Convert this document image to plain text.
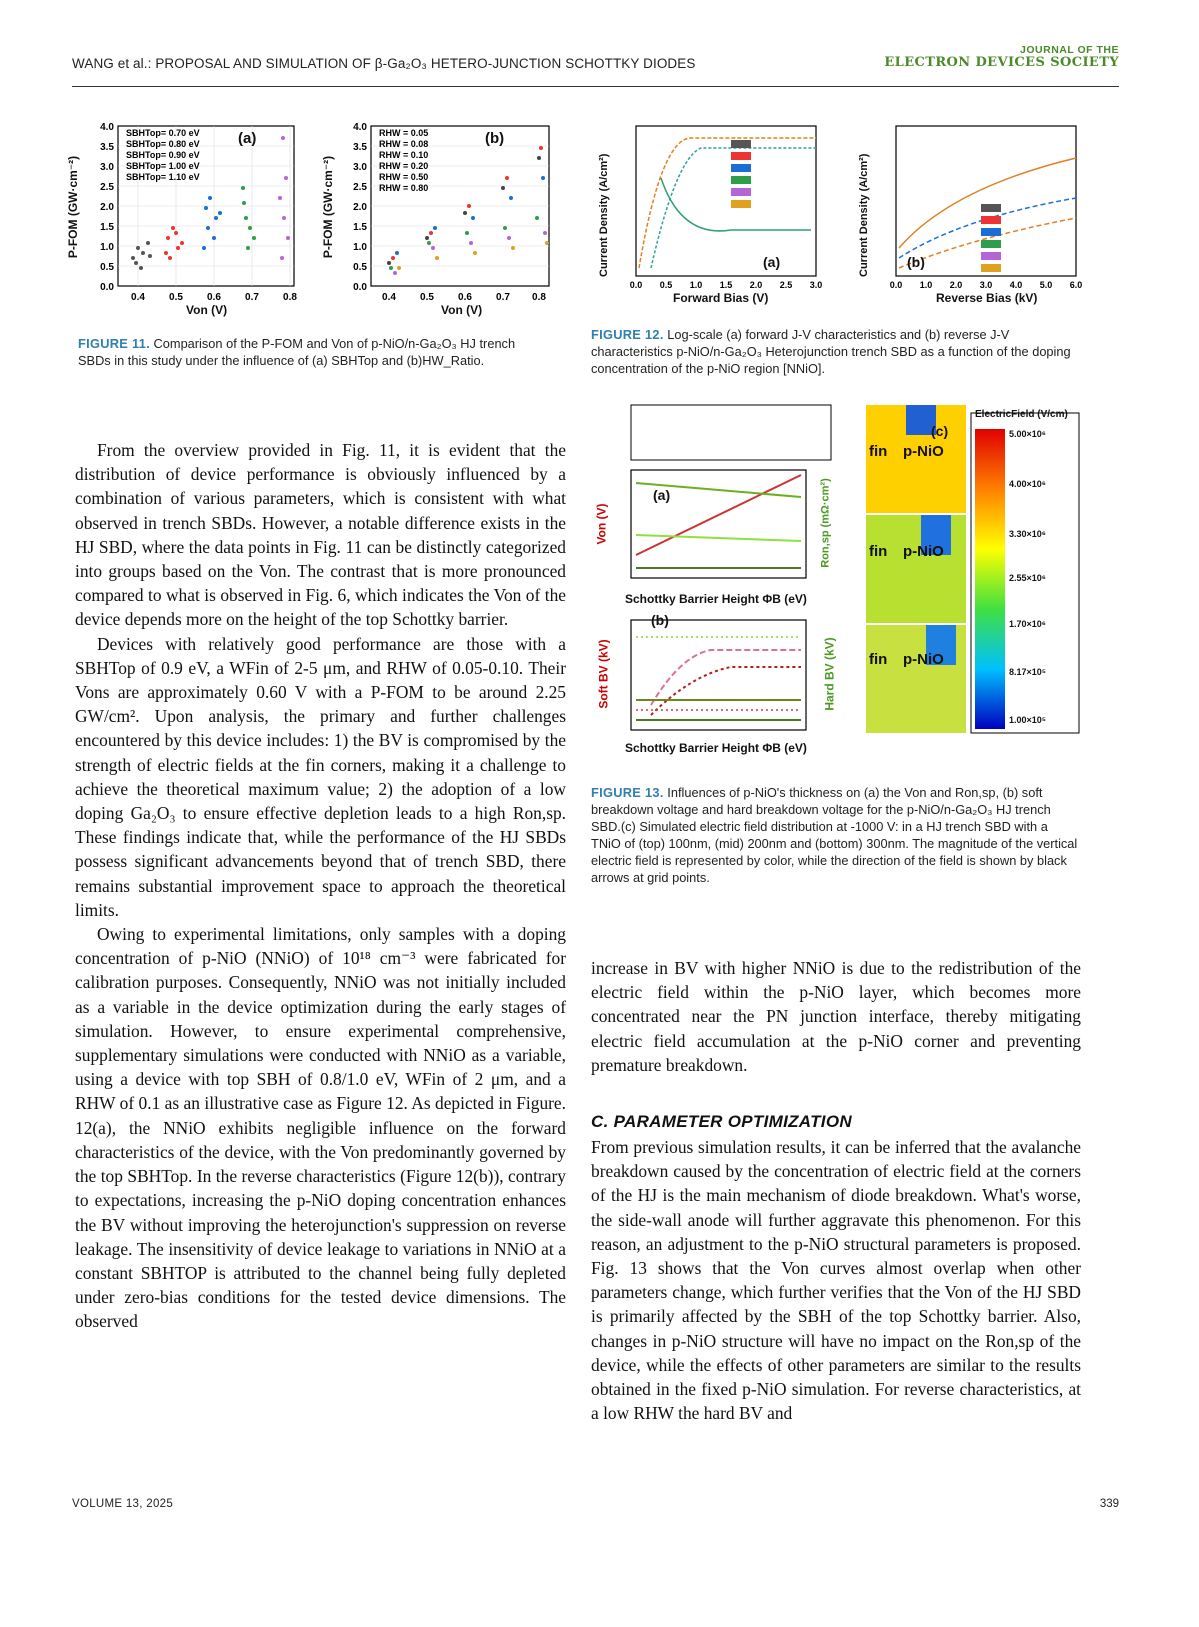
WANG et al.: PROPOSAL AND SIMULATION OF β-Ga₂O₃ HETERO-JUNCTION SCHOTTKY DIODES
JOURNAL OF THE
ELECTRON DEVICES SOCIETY
SBHTop= 0.70 eV
SBHTop= 0.80 eV
SBHTop= 0.90 eV
SBHTop= 1.00 eV
SBHTop= 1.10 eV
4.0
3.5
3.0
2.5
2.0
1.5
1.0
0.5
0.0
0.4 0.5 0.6 0.7 0.8
(a)
Von (V)
P-FOM (GW·cm⁻²)
RHW = 0.05
RHW = 0.08
RHW = 0.10
RHW = 0.20
RHW = 0.50
RHW = 0.80
4.0
3.5
3.0
2.5
2.0
1.5
1.0
0.5
0.0
0.4 0.5 0.6 0.7 0.8
(b)
Von (V)
P-FOM (GW·cm⁻²)
0.0 0.5 1.0 1.5 2.0 2.5 3.0	0.0 1.0 2.0 3.0 4.0 5.0 6.0
(a)	(b)
Forward Bias (V)	Reverse Bias (kV)
Current Density (A/cm²)	Current Density (A/cm²)
(a)
(b)
(c)
Schottky Barrier Height ΦB (eV)
Schottky Barrier Height ΦB (eV)
Von (V)	Ron,sp (mΩ·cm²)
Soft BV (kV)	Hard BV (kV)
ElectricField (V/cm)
5.00×10⁶
4.00×10⁶
3.30×10⁶
2.55×10⁶
1.70×10⁶
8.17×10⁵
1.00×10⁵
fin p-NiO
fin p-NiO
fin p-NiO
FIGURE 11. Comparison of the P-FOM and Von of p-NiO/n-Ga₂O₃ HJ trench SBDs in this study under the influence of (a) SBHTop and (b)HW_Ratio.
FIGURE 12. Log-scale (a) forward J-V characteristics and (b) reverse J-V characteristics p-NiO/n-Ga₂O₃ Heterojunction trench SBD as a function of the doping concentration of the p-NiO region [NNiO].
FIGURE 13. Influences of p-NiO's thickness on (a) the Von and Ron,sp, (b) soft breakdown voltage and hard breakdown voltage for the p-NiO/n-Ga₂O₃ HJ trench SBD.(c) Simulated electric field distribution at -1000 V: in a HJ trench SBD with a TNiO of (top) 100nm, (mid) 200nm and (bottom) 300nm. The magnitude of the vertical electric field is represented by color, while the direction of the field is shown by black arrows at grid points.

From the overview provided in Fig. 11, it is evident that the distribution of device performance is obviously influenced by a combination of various parameters, which is consistent with what observed in trench SBDs. However, a notable difference exists in the HJ SBD, where the data points in Fig. 11 can be distinctly categorized into groups based on the Von. The contrast that is more pronounced compared to what is observed in Fig. 6, which indicates the Von of the device depends more on the height of the top Schottky barrier.

Devices with relatively good performance are those with a SBHTop of 0.9 eV, a WFin of 2-5 μm, and RHW of 0.05-0.10. Their Vons are approximately 0.60 V with a P-FOM to be around 2.25 GW/cm². Upon analysis, the primary and further challenges encountered by this device includes: 1) the BV is compromised by the strength of electric fields at the fin corners, making it a challenge to achieve the theoretical maximum value; 2) the adoption of a low doping Ga₂O₃ to ensure effective depletion leads to a high Ron,sp. These findings indicate that, while the performance of the HJ SBDs possess significant advancements beyond that of trench SBD, there remains substantial improvement space to approach the theoretical limits.

Owing to experimental limitations, only samples with a doping concentration of p-NiO (NNiO) of 10¹⁸ cm⁻³ were fabricated for calibration purposes. Consequently, NNiO was not initially included as a variable in the device optimization during the early stages of simulation. However, to ensure experimental comprehensive, supplementary simulations were conducted with NNiO as a variable, using a device with top SBH of 0.8/1.0 eV, WFin of 2 μm, and a RHW of 0.1 as an illustrative case as Figure 12. As depicted in Figure. 12(a), the NNiO exhibits negligible influence on the forward characteristics of the device, with the Von predominantly governed by the top SBHTop. In the reverse characteristics (Figure 12(b)), contrary to expectations, increasing the p-NiO doping concentration enhances the BV without improving the heterojunction's suppression on reverse leakage. The insensitivity of device leakage to variations in NNiO at a constant SBHTOP is attributed to the channel being fully depleted under zero-bias conditions for the tested device dimensions. The observed

increase in BV with higher NNiO is due to the redistribution of the electric field within the p-NiO layer, which becomes more concentrated near the PN junction interface, thereby mitigating electric field accumulation at the p-NiO corner and preventing premature breakdown.

C. PARAMETER OPTIMIZATION

From previous simulation results, it can be inferred that the avalanche breakdown caused by the concentration of electric field at the corners of the HJ is the main mechanism of diode breakdown. What's worse, the side-wall anode will further aggravate this phenomenon. For this reason, an adjustment to the p-NiO structural parameters is proposed. Fig. 13 shows that the Von curves almost overlap when other parameters change, which further verifies that the Von of the HJ SBD is primarily affected by the SBH of the top Schottky barrier. Also, changes in p-NiO structure will have no impact on the Ron,sp of the device, while the effects of other parameters are similar to the results obtained in the fixed p-NiO simulation. For reverse characteristics, at a low RHW the hard BV and

VOLUME 13, 2025	339
